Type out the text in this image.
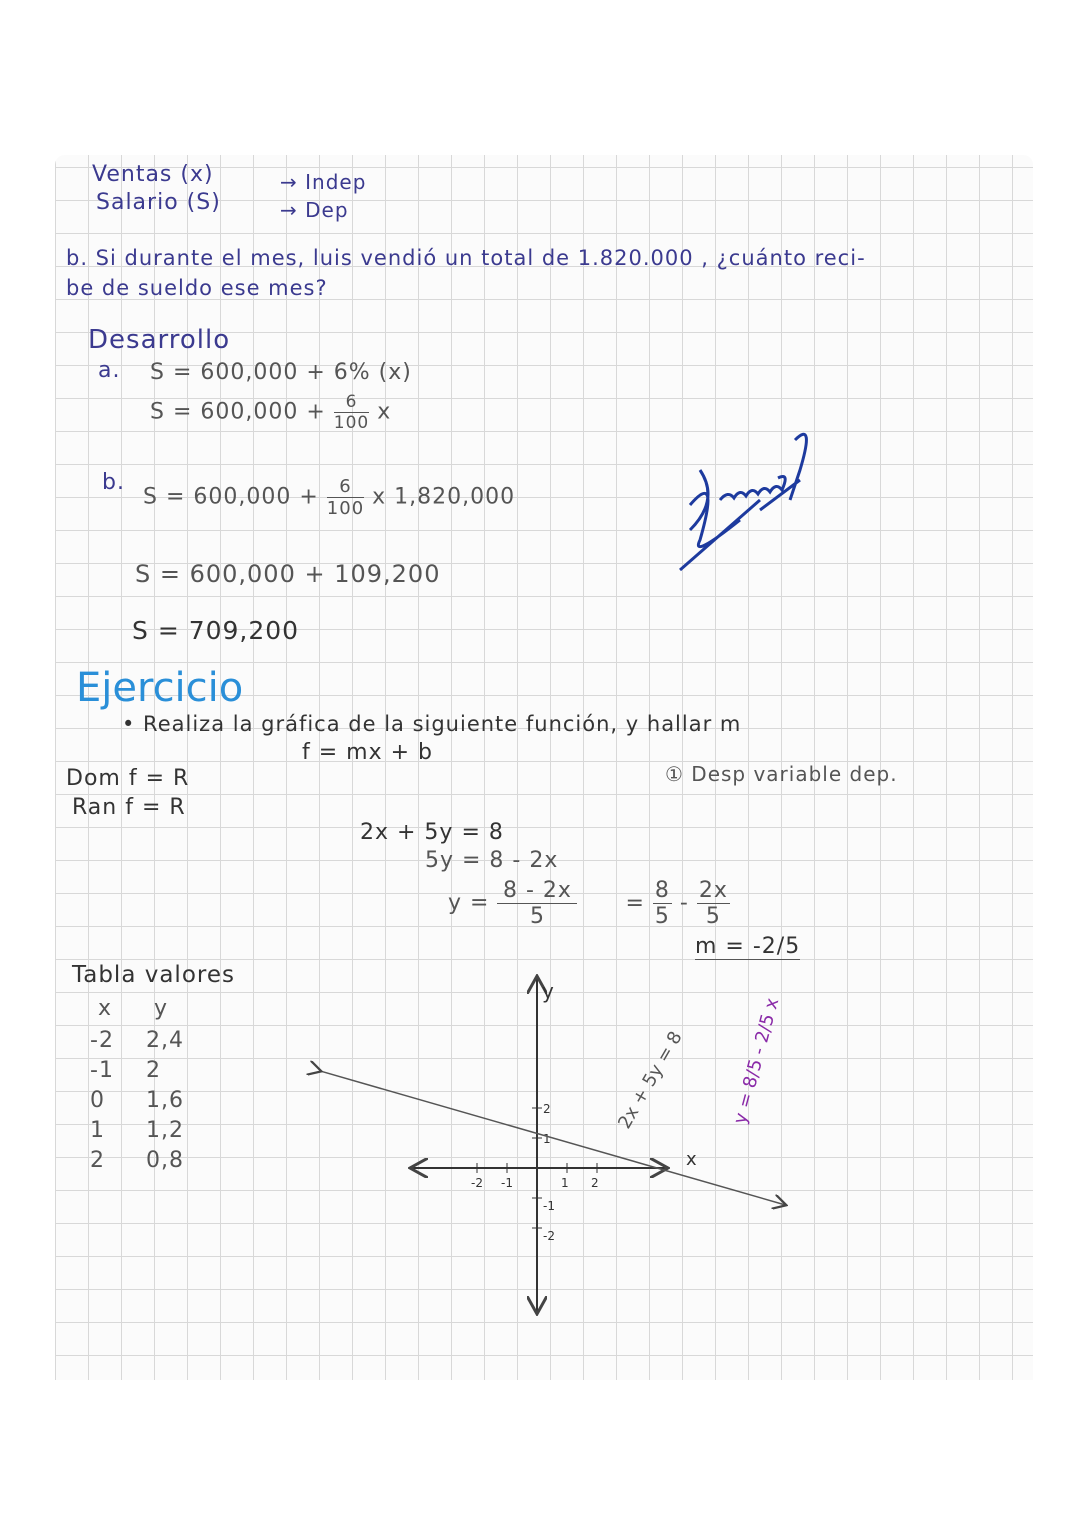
Ventas (x)	→ Indep
Salario (S)	→ Dep
b. Si durante el mes, luis vendió un total de 1.820.000 , ¿cuánto reci-
be de sueldo ese mes?
Desarrollo
a. S = 600,000 + 6% (x)
$S = 600,000 + \frac{6}{100}$ x
b.
$S = 600,000 + \frac{6}{100}$ x 1,820,000
S = 600,000 + 109,200
S = 709,200
Ejercicio
• Realiza la gráfica de la siguiente función, y hallar m
f = mx + b
Dom f = R
Ran f = R
① Desp variable dep.
2x + 5y = 8
5y = 8 - 2x
$y = \frac{8 - 2x}{5} = \frac{8}{5} - \frac{2x}{5}$
m = -2/5
Tabla valores
x y
-2 2,4
-1 2
0 1,6
1 1,2
2 0,8
-2 -1	1 2
2
1
-1
-2
y
x
2x + 5y = 8 y = 8/5 - 2/5 x
